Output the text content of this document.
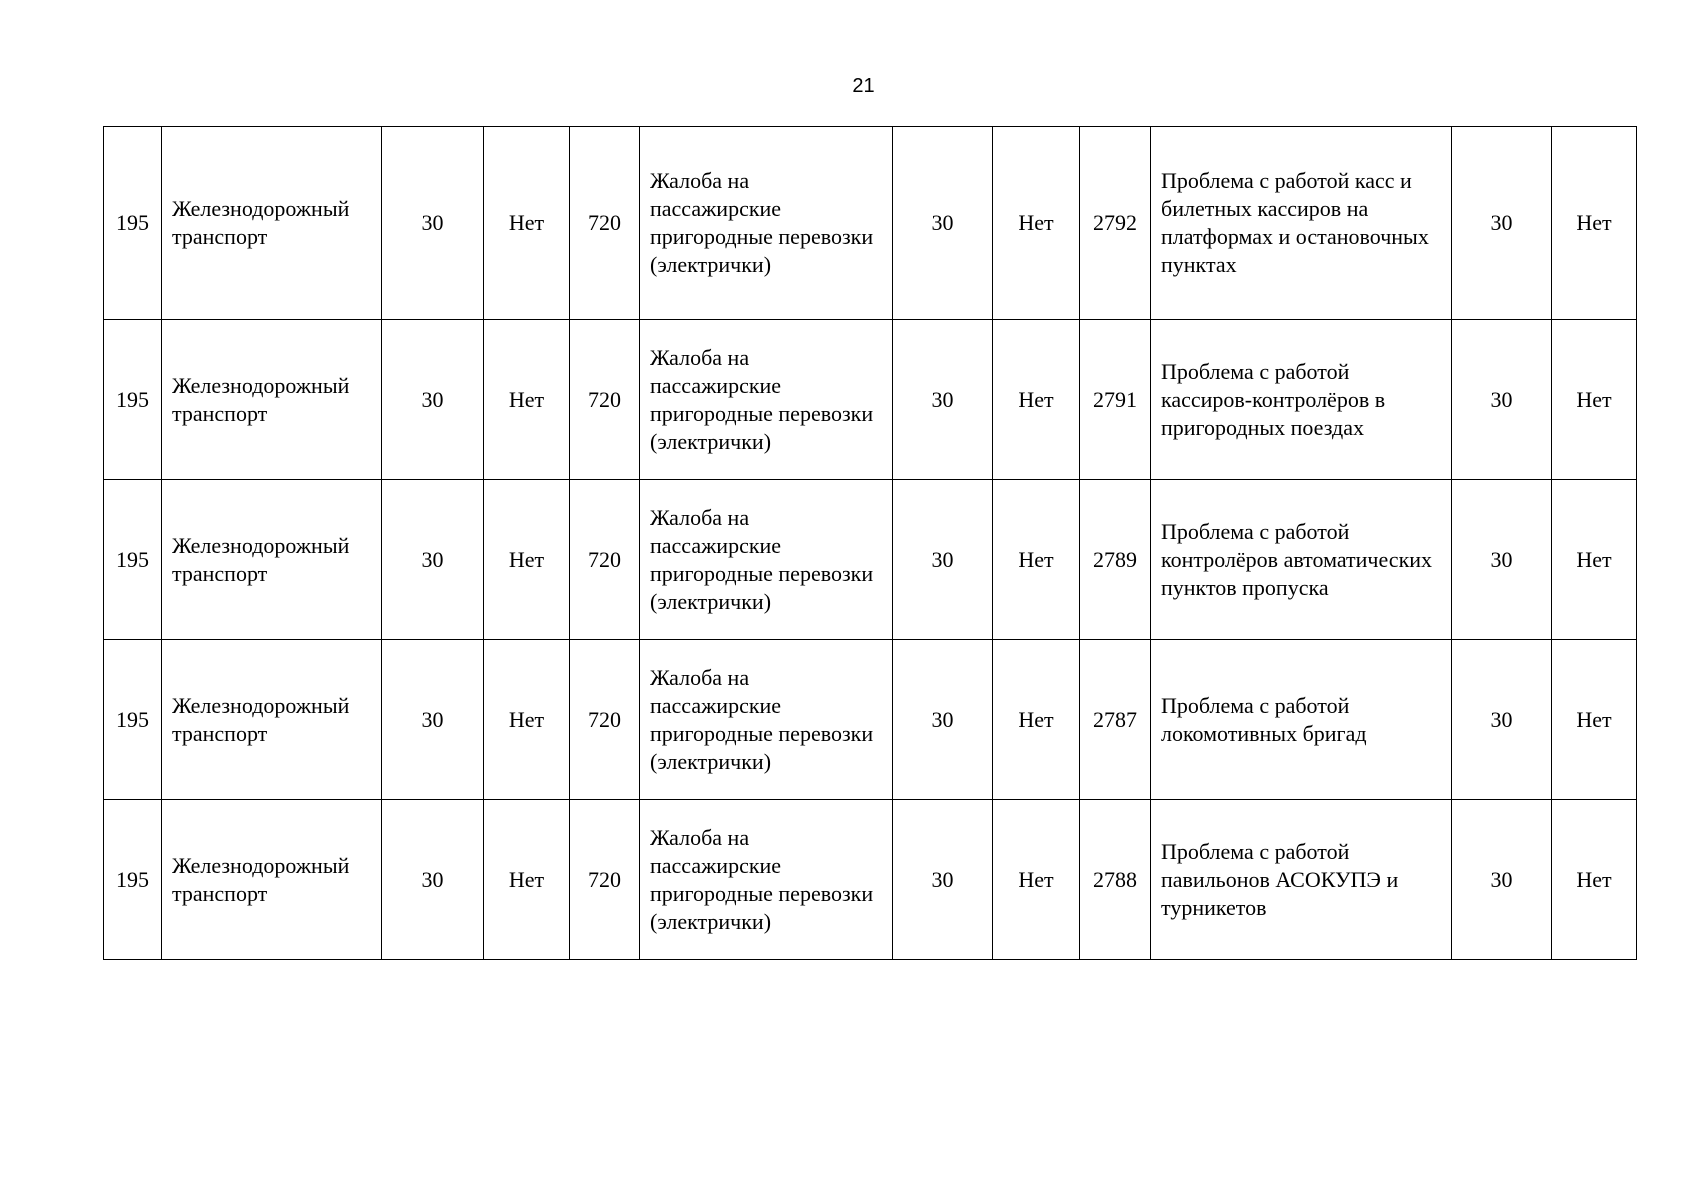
21
195	Железнодорожный транспорт	30	Нет	720	Жалоба на пассажирские пригородные перевозки (электрички)	30	Нет	2792	Проблема с работой касс и билетных кассиров на платформах и остановочных пунктах	30	Нет
195	Железнодорожный транспорт	30	Нет	720	Жалоба на пассажирские пригородные перевозки (электрички)	30	Нет	2791	Проблема с работой кассиров-контролёров в пригородных поездах	30	Нет
195	Железнодорожный транспорт	30	Нет	720	Жалоба на пассажирские пригородные перевозки (электрички)	30	Нет	2789	Проблема с работой контролёров автоматических пунктов пропуска	30	Нет
195	Железнодорожный транспорт	30	Нет	720	Жалоба на пассажирские пригородные перевозки (электрички)	30	Нет	2787	Проблема с работой локомотивных бригад	30	Нет
195	Железнодорожный транспорт	30	Нет	720	Жалоба на пассажирские пригородные перевозки (электрички)	30	Нет	2788	Проблема с работой павильонов АСОКУПЭ и турникетов	30	Нет
